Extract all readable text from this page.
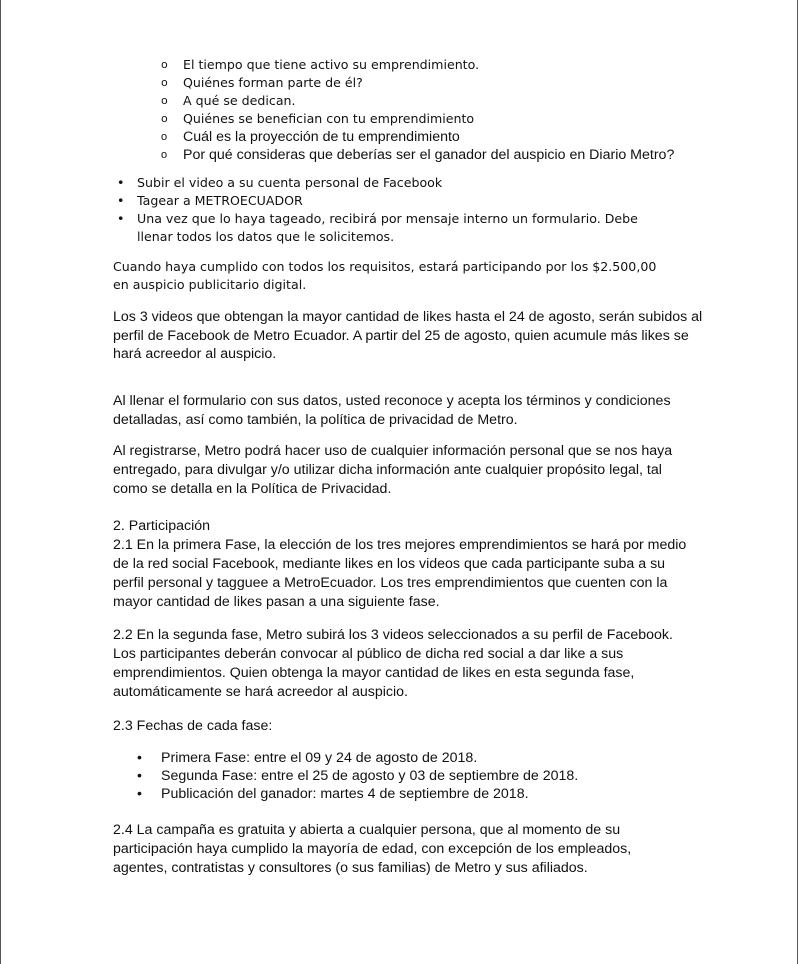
o El tiempo que tiene activo su emprendimiento.
o Quiénes forman parte de él?
o A qué se dedican.
o Quiénes se benefician con tu emprendimiento
o Cuál es la proyección de tu emprendimiento
o Por qué consideras que deberías ser el ganador del auspicio en Diario Metro?
• Subir el video a su cuenta personal de Facebook
• Tagear a METROECUADOR
• Una vez que lo haya tageado, recibirá por mensaje interno un formulario. Debe llenar todos los datos que le solicitemos.

Cuando haya cumplido con todos los requisitos, estará participando por los $2.500,00 en auspicio publicitario digital.

Los 3 videos que obtengan la mayor cantidad de likes hasta el 24 de agosto, serán subidos al perfil de Facebook de Metro Ecuador. A partir del 25 de agosto, quien acumule más likes se hará acreedor al auspicio.

Al llenar el formulario con sus datos, usted reconoce y acepta los términos y condiciones detalladas, así como también, la política de privacidad de Metro.

Al registrarse, Metro podrá hacer uso de cualquier información personal que se nos haya entregado, para divulgar y/o utilizar dicha información ante cualquier propósito legal, tal como se detalla en la Política de Privacidad.

2. Participación

2.1 En la primera Fase, la elección de los tres mejores emprendimientos se hará por medio de la red social Facebook, mediante likes en los videos que cada participante suba a su perfil personal y tagguee a MetroEcuador. Los tres emprendimientos que cuenten con la mayor cantidad de likes pasan a una siguiente fase.

2.2 En la segunda fase, Metro subirá los 3 videos seleccionados a su perfil de Facebook. Los participantes deberán convocar al público de dicha red social a dar like a sus emprendimientos. Quien obtenga la mayor cantidad de likes en esta segunda fase, automáticamente se hará acreedor al auspicio.

2.3 Fechas de cada fase:

• Primera Fase: entre el 09 y 24 de agosto de 2018.
• Segunda Fase: entre el 25 de agosto y 03 de septiembre de 2018.
• Publicación del ganador: martes 4 de septiembre de 2018.

2.4 La campaña es gratuita y abierta a cualquier persona, que al momento de su participación haya cumplido la mayoría de edad, con excepción de los empleados, agentes, contratistas y consultores (o sus familias) de Metro y sus afiliados.
